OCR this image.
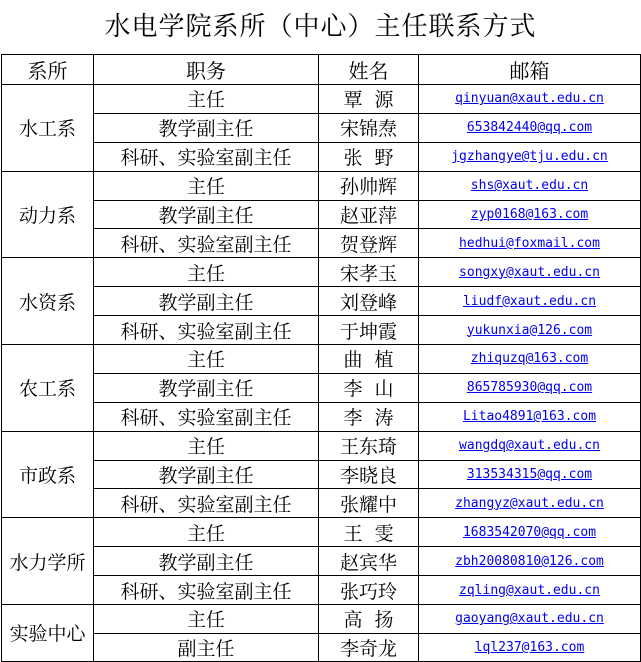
水电学院系所（中心）主任联系方式
系所	职务	姓名	邮箱
水工系	主任	覃  源	qinyuan@xaut.edu.cn
	教学副主任	宋锦焘	653842440@qq.com
	科研、实验室副主任	张  野	jgzhangye@tju.edu.cn
动力系	主任	孙帅辉	shs@xaut.edu.cn
	教学副主任	赵亚萍	zyp0168@163.com
	科研、实验室副主任	贺登辉	hedhui@foxmail.com
水资系	主任	宋孝玉	songxy@xaut.edu.cn
	教学副主任	刘登峰	liudf@xaut.edu.cn
	科研、实验室副主任	于坤霞	yukunxia@126.com
农工系	主任	曲  植	zhiquzq@163.com
	教学副主任	李  山	865785930@qq.com
	科研、实验室副主任	李  涛	Litao4891@163.com
市政系	主任	王东琦	wangdq@xaut.edu.cn
	教学副主任	李晓良	313534315@qq.com
	科研、实验室副主任	张耀中	zhangyz@xaut.edu.cn
水力学所	主任	王  雯	1683542070@qq.com
	教学副主任	赵宾华	zbh20080810@126.com
	科研、实验室副主任	张巧玲	zqling@xaut.edu.cn
实验中心	主任	高  扬	gaoyang@xaut.edu.cn
	副主任	李奇龙	lql237@163.com
